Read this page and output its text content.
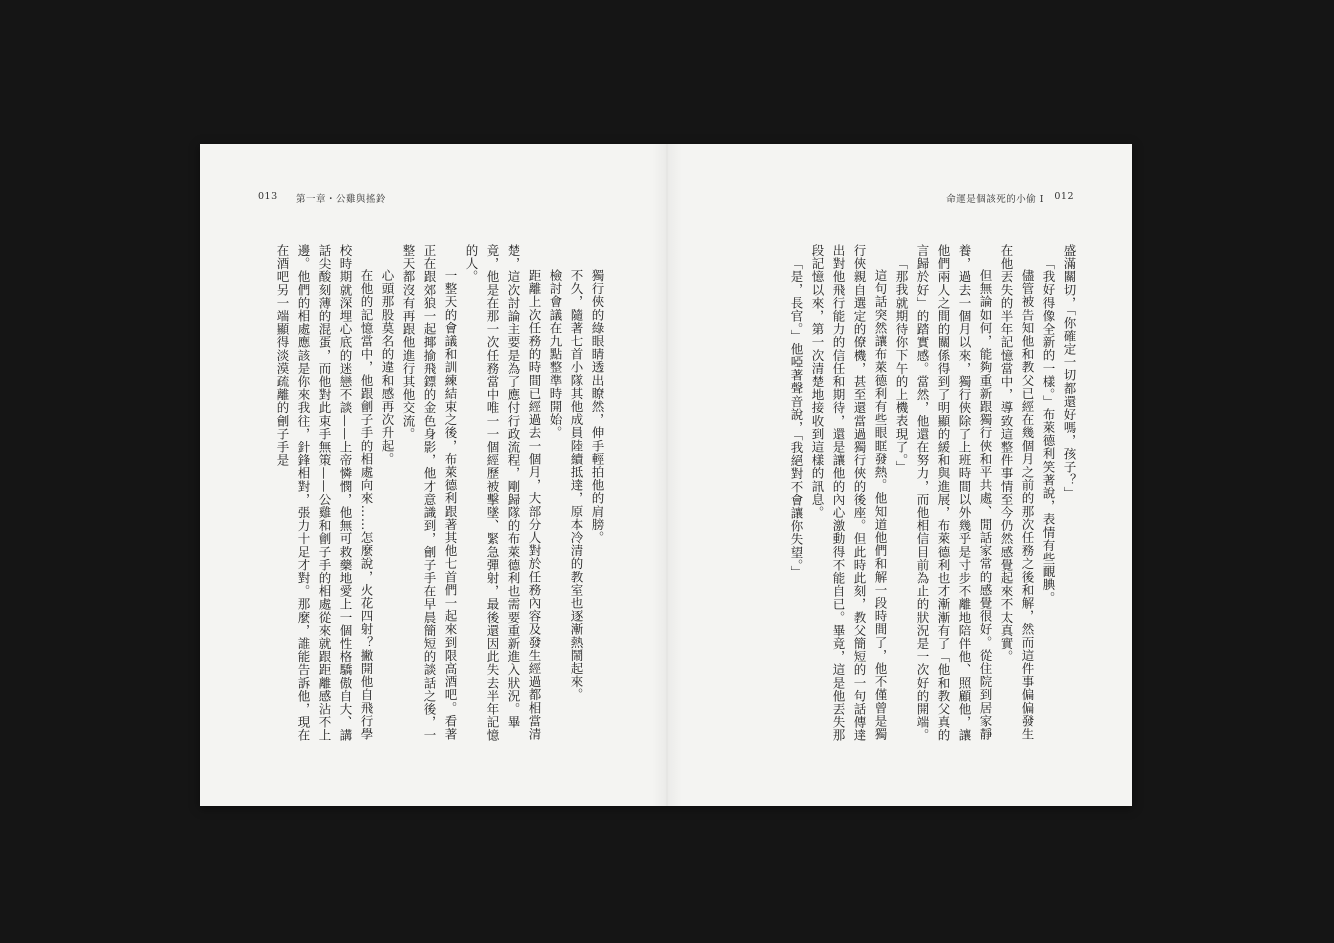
013 第一章・公雞與搖鈴

獨行俠的綠眼睛透出瞭然，伸手輕拍他的肩膀。

不久，隨著七首小隊其他成員陸續抵達，原本冷清的教室也逐漸熱鬧起來。

檢討會議在九點整準時開始。

距離上次任務的時間已經過去一個月，大部分人對於任務內容及發生經過都相當清楚，這次討論主要是為了應付行政流程，剛歸隊的布萊德利也需要重新進入狀況。畢竟，他是在那一次任務當中唯一一個經歷被擊墜、緊急彈射，最後還因此失去半年記憶的人。

一整天的會議和訓練結束之後，布萊德利跟著其他七首們一起來到限高酒吧。看著正在跟郊狼一起揶揄飛鏢的金色身影，他才意識到，劊子手在早晨簡短的談話之後，一整天都沒有再跟他進行其他交流。

心頭那股莫名的違和感再次升起。

在他的記憶當中，他跟劊子手的相處向來……怎麼說，火花四射？撇開他自飛行學校時期就深埋心底的迷戀不談——上帝憐憫，他無可救藥地愛上一個性格驕傲自大、講話尖酸刻薄的混蛋，而他對此束手無策——公雞和劊子手的相處從來就跟距離感沾不上邊。他們的相處應該是你來我往，針鋒相對，張力十足才對。那麼，誰能告訴他，現在在酒吧另一端顯得淡漠疏離的劊子手是

命運是個該死的小偷 I 012

盛滿關切，「你確定一切都還好嗎，孩子？」

「我好得像全新的一樣。」布萊德利笑著說，表情有些靦腆。

儘管被告知他和教父已經在幾個月之前的那次任務之後和解，然而這件事偏偏發生在他丟失的半年記憶當中，導致這整件事情至今仍然感覺起來不太真實。

但無論如何，能夠重新跟獨行俠和平共處、閒話家常的感覺很好。從住院到居家靜養，過去一個月以來，獨行俠除了上班時間以外幾乎是寸步不離地陪伴他、照顧他，讓他們兩人之間的關係得到了明顯的緩和與進展，布萊德利也才漸漸有了「他和教父真的言歸於好」的踏實感。當然，他還在努力，而他相信目前為止的狀況是一次好的開端。

「那我就期待你下午的上機表現了。」

這句話突然讓布萊德利有些眼眶發熱。他知道他們和解一段時間了，他不僅曾是獨行俠親自選定的僚機，甚至還當過獨行俠的後座。但此時此刻，教父簡短的一句話傳達出對他飛行能力的信任和期待，還是讓他的內心激動得不能自已。畢竟，這是他丟失那段記憶以來，第一次清楚地接收到這樣的訊息。

「是，長官。」他啞著聲音說，「我絕對不會讓你失望。」
